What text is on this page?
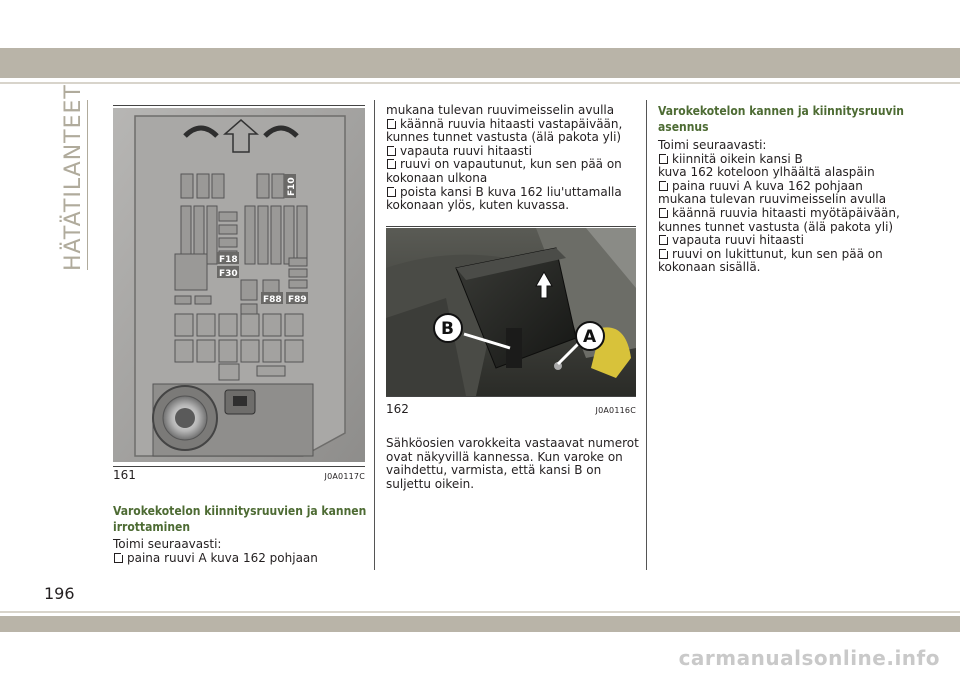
HÄTÄTILANTEET	F10
F18
F30
F88 F89
161	J0A0117C
Varokekotelon kiinnitysruuvien ja kannen
irrottaminen
Toimi seuraavasti:
paina ruuvi A kuva 162 pohjaan
mukana tulevan ruuvimeisselin avulla
käännä ruuvia hitaasti vastapäivään,
kunnes tunnet vastusta (älä pakota yli)
vapauta ruuvi hitaasti
ruuvi on vapautunut, kun sen pää on
kokonaan ulkona
poista kansi B kuva 162 liu'uttamalla
kokonaan ylös, kuten kuvassa.
B	A
162	J0A0116C
Sähköosien varokkeita vastaavat numerot
ovat näkyvillä kannessa. Kun varoke on
vaihdettu, varmista, että kansi B on
suljettu oikein.
Varokekotelon kannen ja kiinnitysruuvin
asennus
Toimi seuraavasti:
kiinnitä oikein kansi B
kuva 162 koteloon ylhäältä alaspäin
paina ruuvi A kuva 162 pohjaan
mukana tulevan ruuvimeisselin avulla
käännä ruuvia hitaasti myötäpäivään,
kunnes tunnet vastusta (älä pakota yli)
vapauta ruuvi hitaasti
ruuvi on lukittunut, kun sen pää on
kokonaan sisällä.
196
carmanualsonline.info
